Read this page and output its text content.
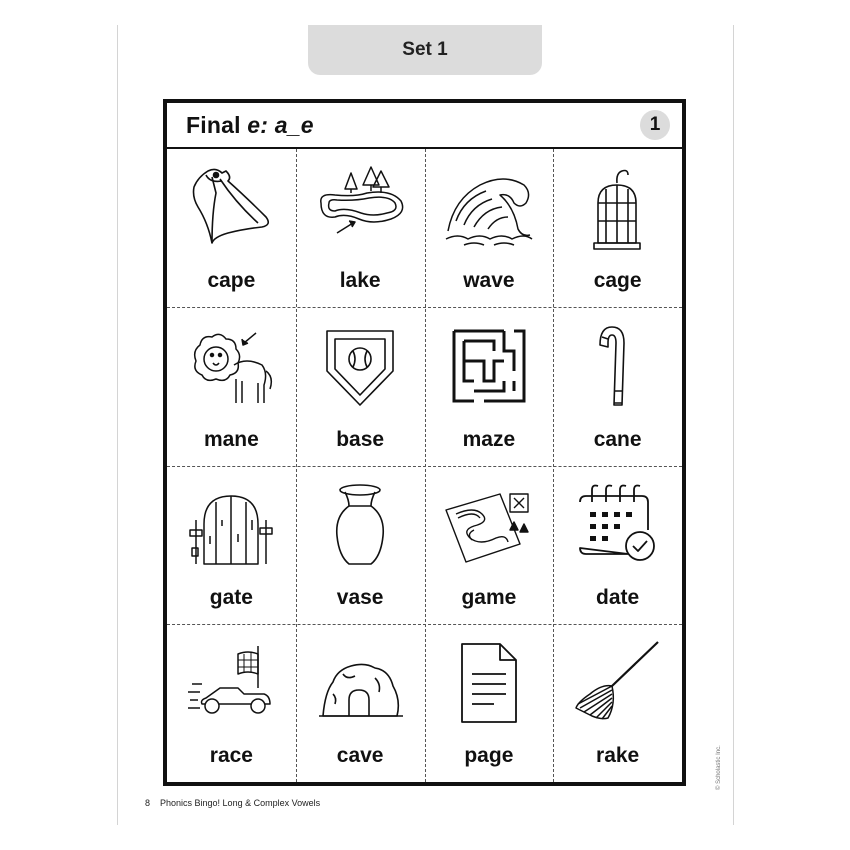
Set 1
Final e: a_e	1
cape	lake	wave	cage
mane	base	maze	cane
gate	vase	game	date
race	cave	page	rake
8 Phonics Bingo! Long & Complex Vowels
© Scholastic Inc.
